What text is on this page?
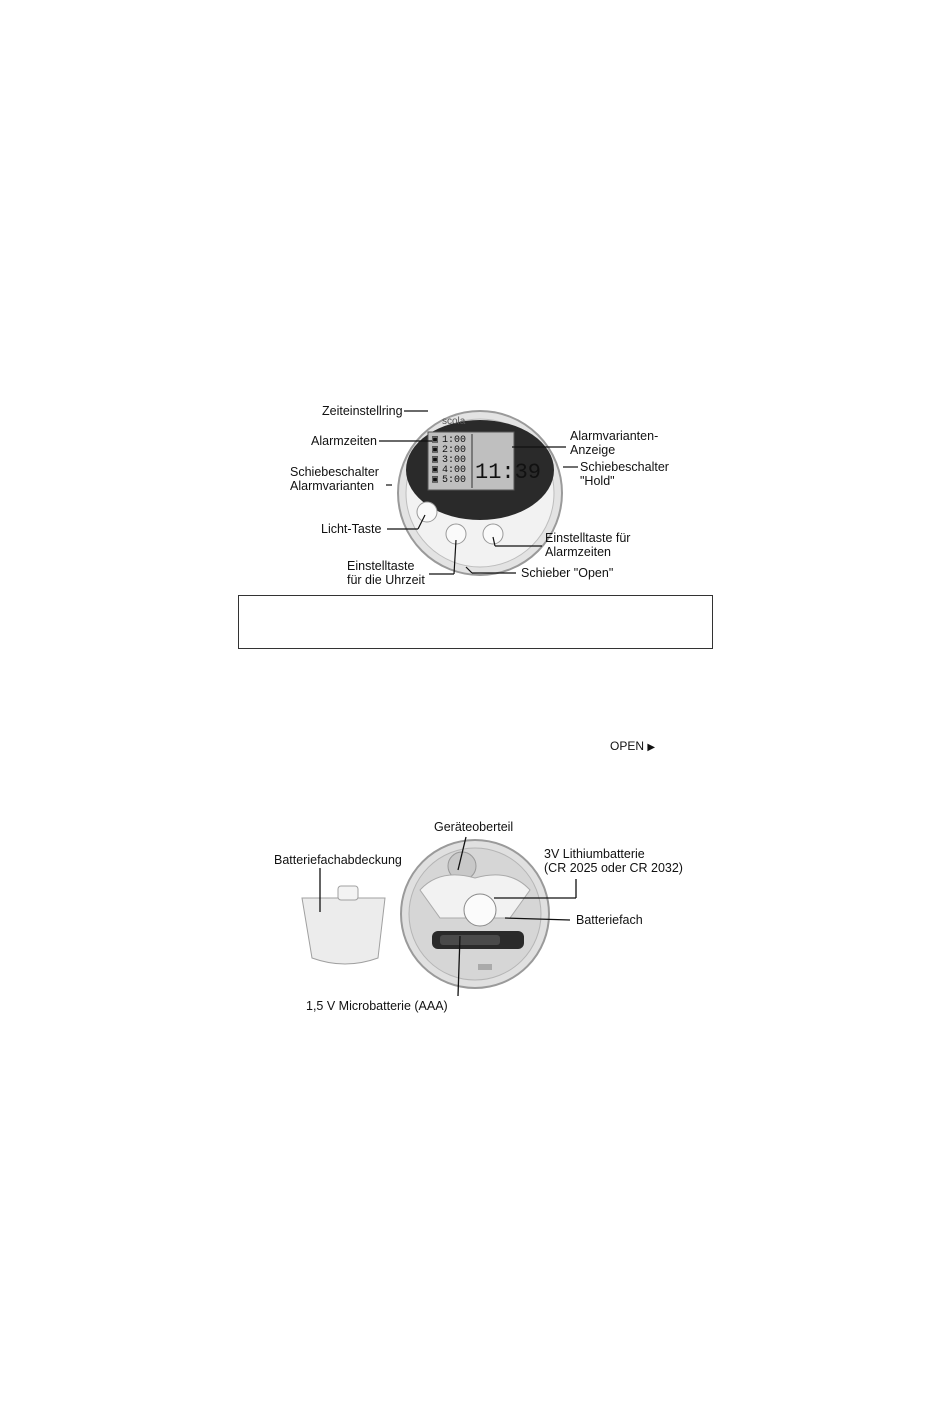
scola
▣
▣
▣
▣
▣
1:00
2:00
3:00
4:00
5:00 11:39
Zeiteinstellring
Alarmzeiten
Schiebeschalter
Alarmvarianten
Licht-Taste
Einstelltaste
für die Uhrzeit
Alarmvarianten-
Anzeige
Schiebeschalter
"Hold"
Einstelltaste für
Alarmzeiten
Schieber "Open"
OPEN ▶
Geräteoberteil
Batteriefachabdeckung	3V Lithiumbatterie
(CR 2025 oder CR 2032)
Batteriefach
1,5 V Microbatterie (AAA)
